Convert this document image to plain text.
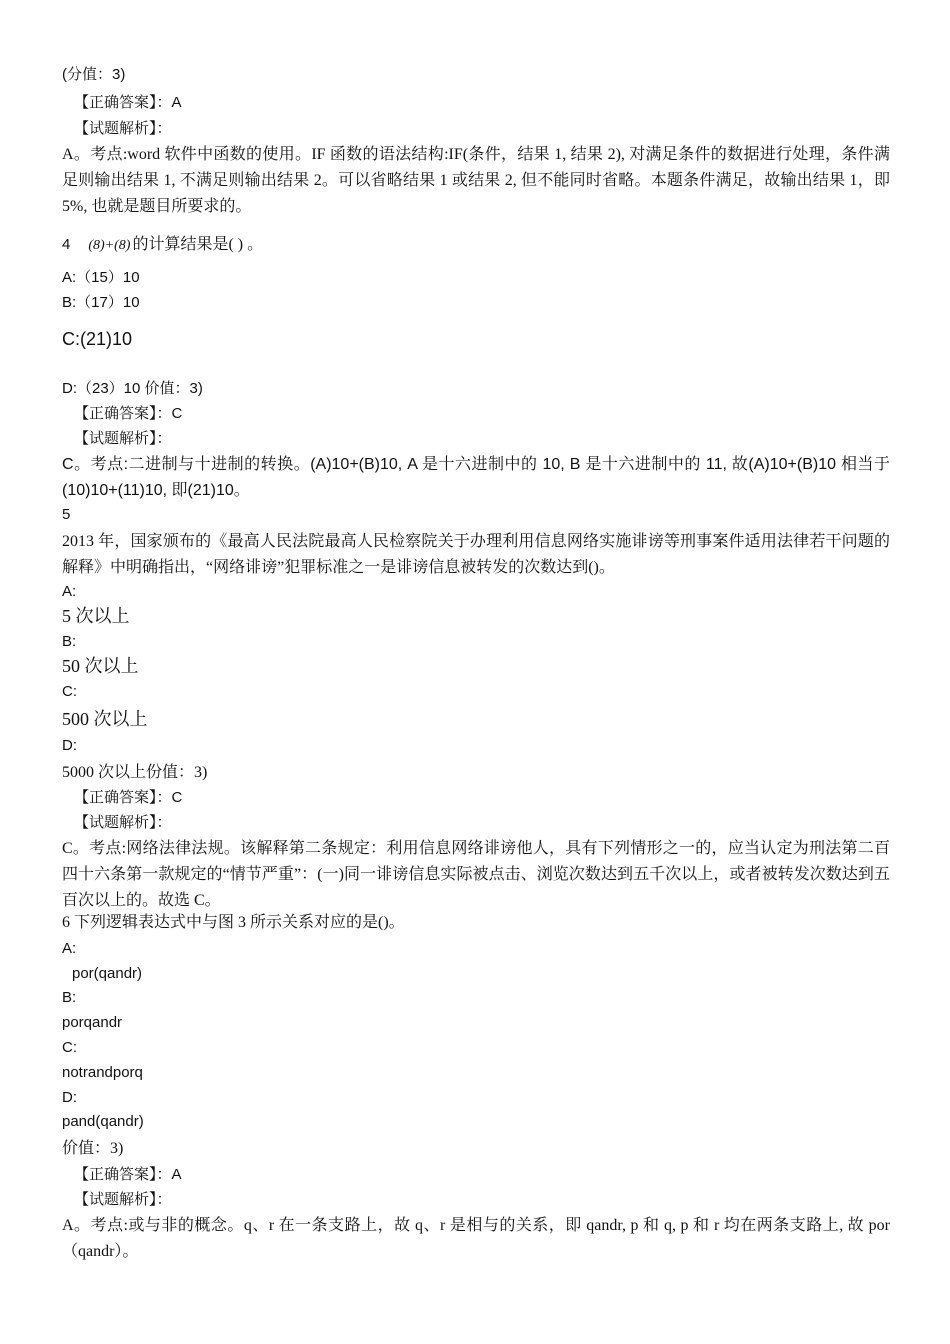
(分值：3)
【正确答案】：A
【试题解析】：
A。考点:word 软件中函数的使用。IF 函数的语法结构:IF(条件，结果 1, 结果 2), 对满足条件的数据进行处理，条件满足则输出结果 1, 不满足则输出结果 2。可以省略结果 1 或结果 2, 但不能同时省略。本题条件满足，故输出结果 1，即 5%, 也就是题目所要求的。
4 (8)+(8) 的计算结果是( ) 。
A:（15）10
B:（17）10
C:(21)10
D:（23）10 价值：3)
【正确答案】：C
【试题解析】：
C。考点:二进制与十进制的转换。(A)10+(B)10, A 是十六进制中的 10, B 是十六进制中的 11, 故(A)10+(B)10 相当于(10)10+(11)10, 即(21)10。
5
2013 年，国家颁布的《最高人民法院最高人民检察院关于办理利用信息网络实施诽谤等刑事案件适用法律若干问题的解释》中明确指出，“网络诽谤”犯罪标准之一是诽谤信息被转发的次数达到()。
A:
5 次以上
B:
50 次以上
C:
500 次以上
D:
5000 次以上份值：3)
【正确答案】：C
【试题解析】：
C。考点:网络法律法规。该解释第二条规定：利用信息网络诽谤他人，具有下列情形之一的，应当认定为刑法第二百四十六条第一款规定的“情节严重”：(一)同一诽谤信息实际被点击、浏览次数达到五千次以上，或者被转发次数达到五百次以上的。故选 C。
6 下列逻辑表达式中与图 3 所示关系对应的是()。
A:
por(qandr)
B:
porqandr
C:
notrandporq
D:
pand(qandr)
价值：3)
【正确答案】：A
【试题解析】：
A。考点:或与非的概念。q、r 在一条支路上，故 q、r 是相与的关系，即 qandr, p 和 q, p 和 r 均在两条支路上, 故 por（qandr）。
